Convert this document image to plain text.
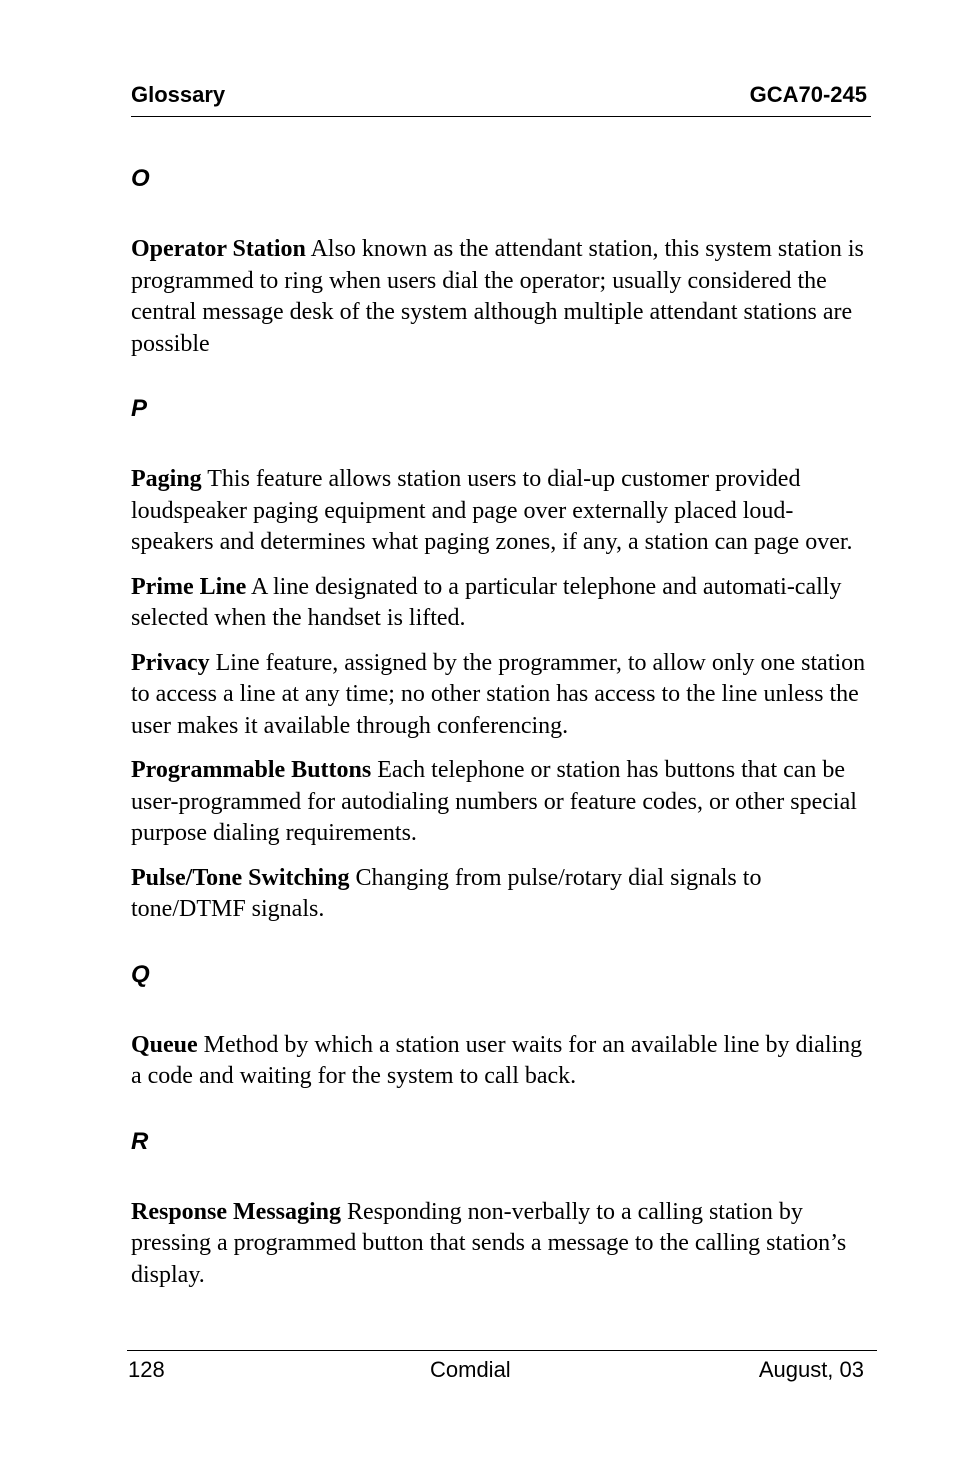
Glossary	GCA70-245
O

Operator Station Also known as the attendant station, this system station is programmed to ring when users dial the operator; usually considered the central message desk of the system although multiple attendant stations are possible

P

Paging This feature allows station users to dial-up customer provided loudspeaker paging equipment and page over externally placed loud-speakers and determines what paging zones, if any, a station can page over.

Prime Line A line designated to a particular telephone and automati-cally selected when the handset is lifted.

Privacy Line feature, assigned by the programmer, to allow only one station to access a line at any time; no other station has access to the line unless the user makes it available through conferencing.

Programmable Buttons Each telephone or station has buttons that can be user-programmed for autodialing numbers or feature codes, or other special purpose dialing requirements.

Pulse/Tone Switching Changing from pulse/rotary dial signals to tone/DTMF signals.

Q

Queue Method by which a station user waits for an available line by dialing a code and waiting for the system to call back.

R

Response Messaging Responding non-verbally to a calling station by pressing a programmed button that sends a message to the calling station’s display.

128	Comdial	August, 03
